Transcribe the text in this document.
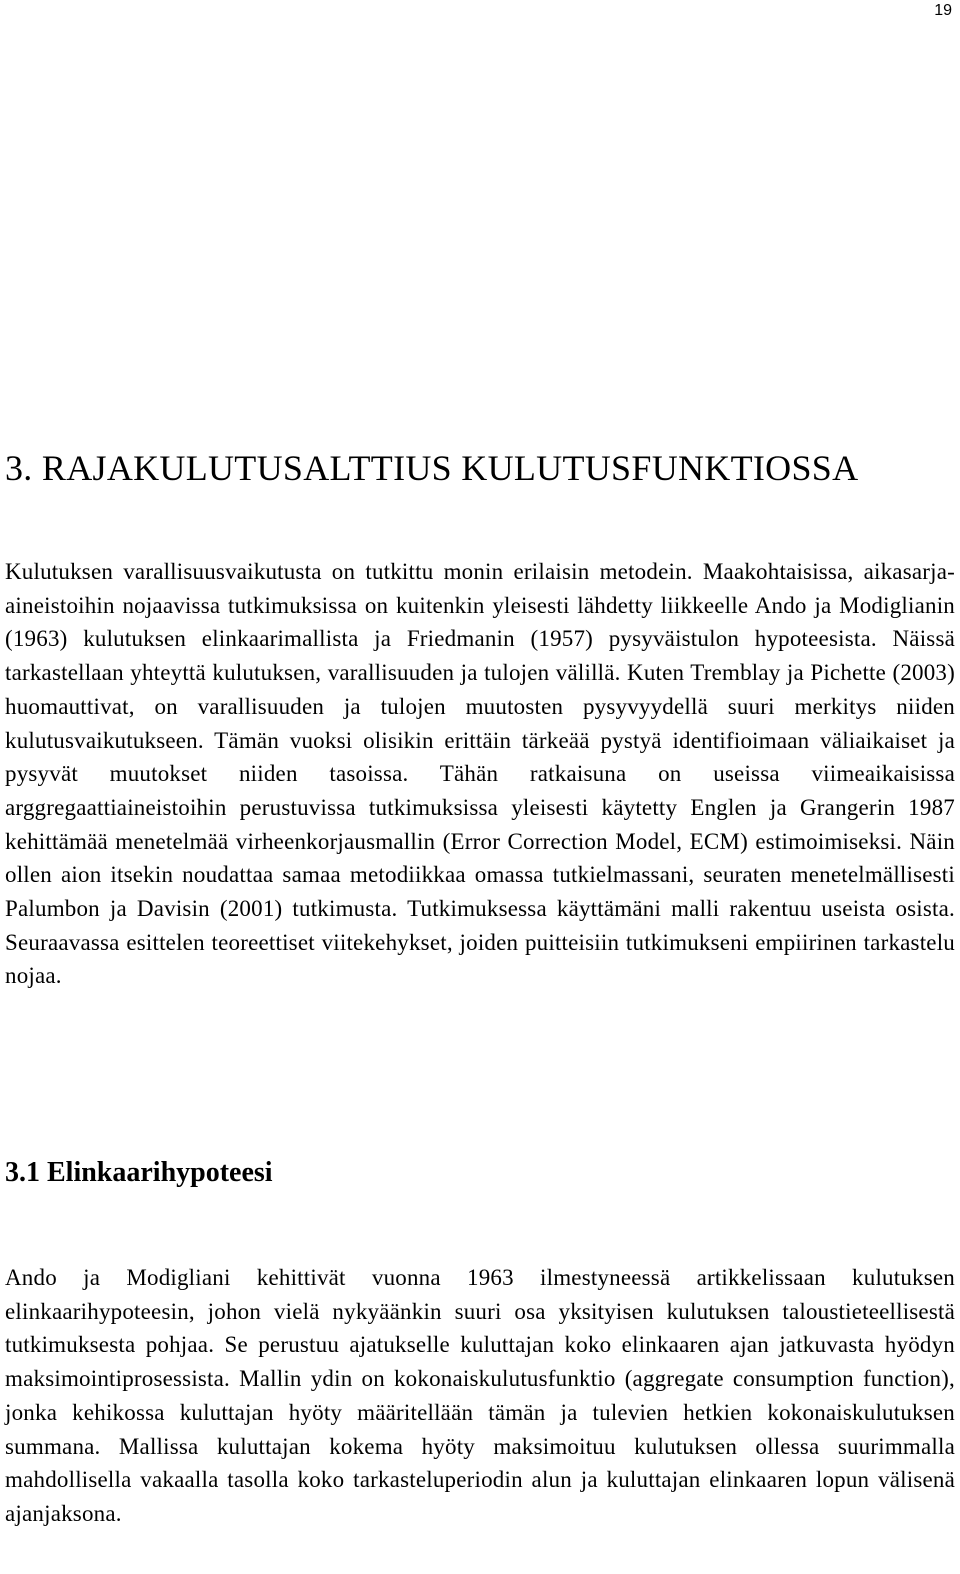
19
3. RAJAKULUTUSALTTIUS KULUTUSFUNKTIOSSA

Kulutuksen varallisuusvaikutusta on tutkittu monin erilaisin metodein. Maakohtaisissa, aikasarja-aineistoihin nojaavissa tutkimuksissa on kuitenkin yleisesti lähdetty liikkeelle Ando ja Modiglianin (1963) kulutuksen elinkaarimallista ja Friedmanin (1957) pysyväistulon hypoteesista. Näissä tarkastellaan yhteyttä kulutuksen, varallisuuden ja tulojen välillä. Kuten Tremblay ja Pichette (2003) huomauttivat, on varallisuuden ja tulojen muutosten pysyvyydellä suuri merkitys niiden kulutusvaikutukseen. Tämän vuoksi olisikin erittäin tärkeää pystyä identifioimaan väliaikaiset ja pysyvät muutokset niiden tasoissa. Tähän ratkaisuna on useissa viimeaikaisissa arggregaattiaineistoihin perustuvissa tutkimuksissa yleisesti käytetty Englen ja Grangerin 1987 kehittämää menetelmää virheenkorjausmallin (Error Correction Model, ECM) estimoimiseksi. Näin ollen aion itsekin noudattaa samaa metodiikkaa omassa tutkielmassani, seuraten menetelmällisesti Palumbon ja Davisin (2001) tutkimusta. Tutkimuksessa käyttämäni malli rakentuu useista osista. Seuraavassa esittelen teoreettiset viitekehykset, joiden puitteisiin tutkimukseni empiirinen tarkastelu nojaa.

3.1 Elinkaarihypoteesi

Ando ja Modigliani kehittivät vuonna 1963 ilmestyneessä artikkelissaan kulutuksen elinkaarihypoteesin, johon vielä nykyäänkin suuri osa yksityisen kulutuksen taloustieteellisestä tutkimuksesta pohjaa. Se perustuu ajatukselle kuluttajan koko elinkaaren ajan jatkuvasta hyödyn maksimointiprosessista. Mallin ydin on kokonaiskulutusfunktio (aggregate consumption function), jonka kehikossa kuluttajan hyöty määritellään tämän ja tulevien hetkien kokonaiskulutuksen summana. Mallissa kuluttajan kokema hyöty maksimoituu kulutuksen ollessa suurimmalla mahdollisella vakaalla tasolla koko tarkasteluperiodin alun ja kuluttajan elinkaaren lopun välisenä ajanjaksona.
